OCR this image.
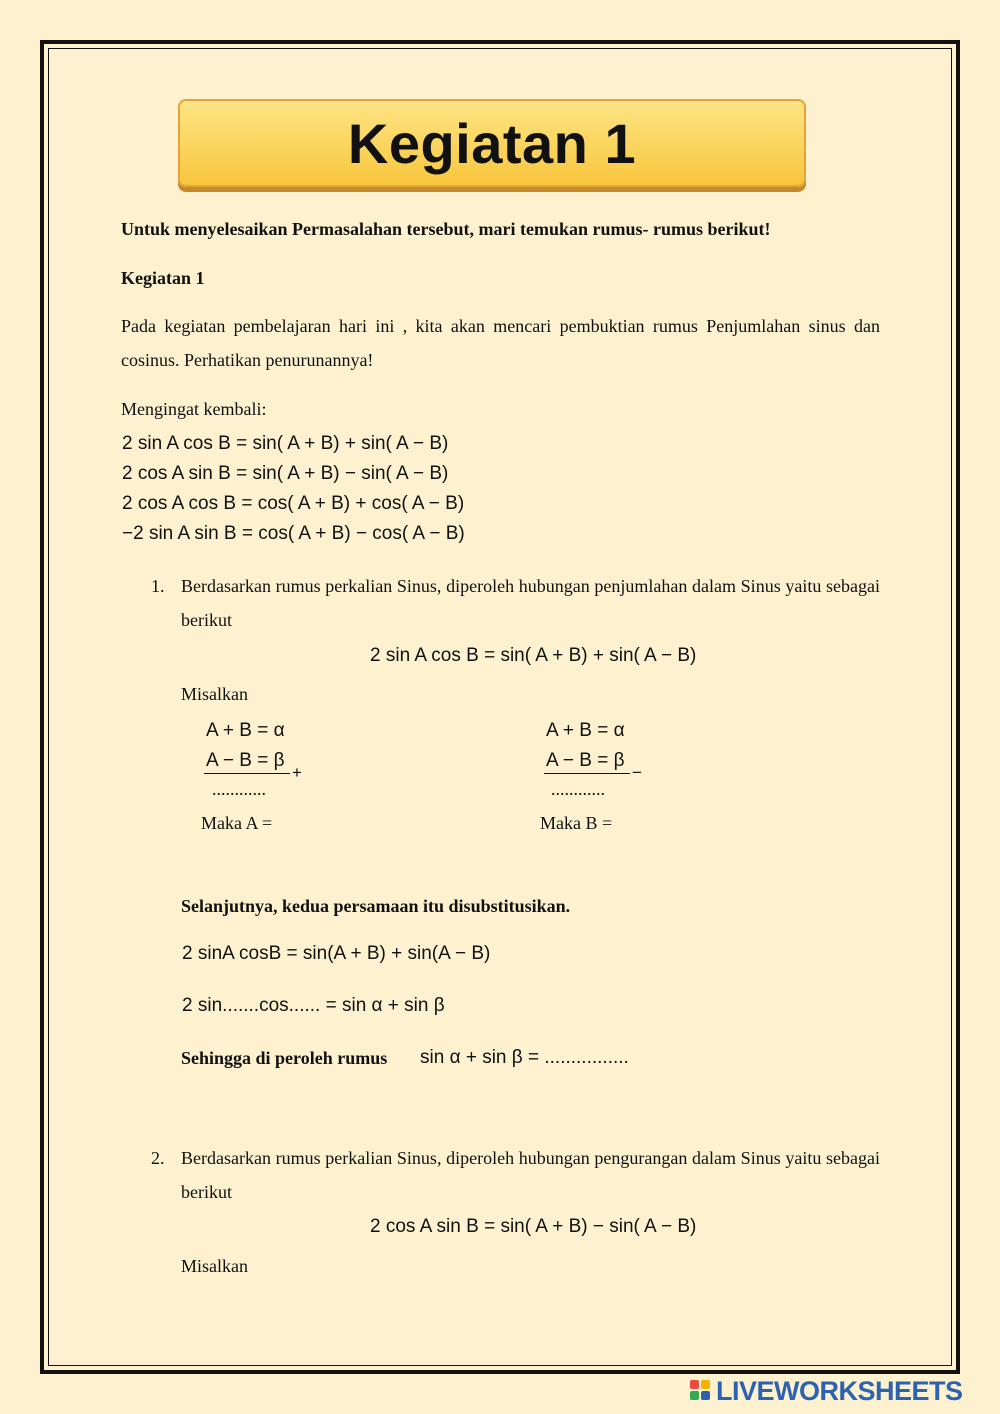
Kegiatan 1
Untuk menyelesaikan Permasalahan tersebut, mari temukan rumus- rumus berikut!
Kegiatan 1
Pada kegiatan pembelajaran hari ini , kita akan mencari pembuktian rumus Penjumlahan sinus dan cosinus. Perhatikan penurunannya!
Mengingat kembali:
2 sin A cos B = sin( A + B) + sin( A − B)
2 cos A sin B = sin( A + B) − sin( A − B)
2 cos A cos B = cos( A + B) + cos( A − B)
−2 sin A sin B = cos( A + B) − cos( A − B)
1. Berdasarkan rumus perkalian Sinus, diperoleh hubungan penjumlahan dalam Sinus yaitu sebagai berikut
2 sin A cos B = sin( A + B) + sin( A − B)
Misalkan
A + B = α
A − B = β
+
............
Maka A =
A + B = α
A − B = β
−
............
Maka B =
Selanjutnya, kedua persamaan itu disubstitusikan.
2 sinA cosB = sin(A + B) + sin(A − B)
2 sin.......cos...... = sin α + sin β
Sehingga di peroleh rumus sin α + sin β = ................
2. Berdasarkan rumus perkalian Sinus, diperoleh hubungan pengurangan dalam Sinus yaitu sebagai berikut
2 cos A sin B = sin( A + B) − sin( A − B)
Misalkan
LIVEWORKSHEETS
